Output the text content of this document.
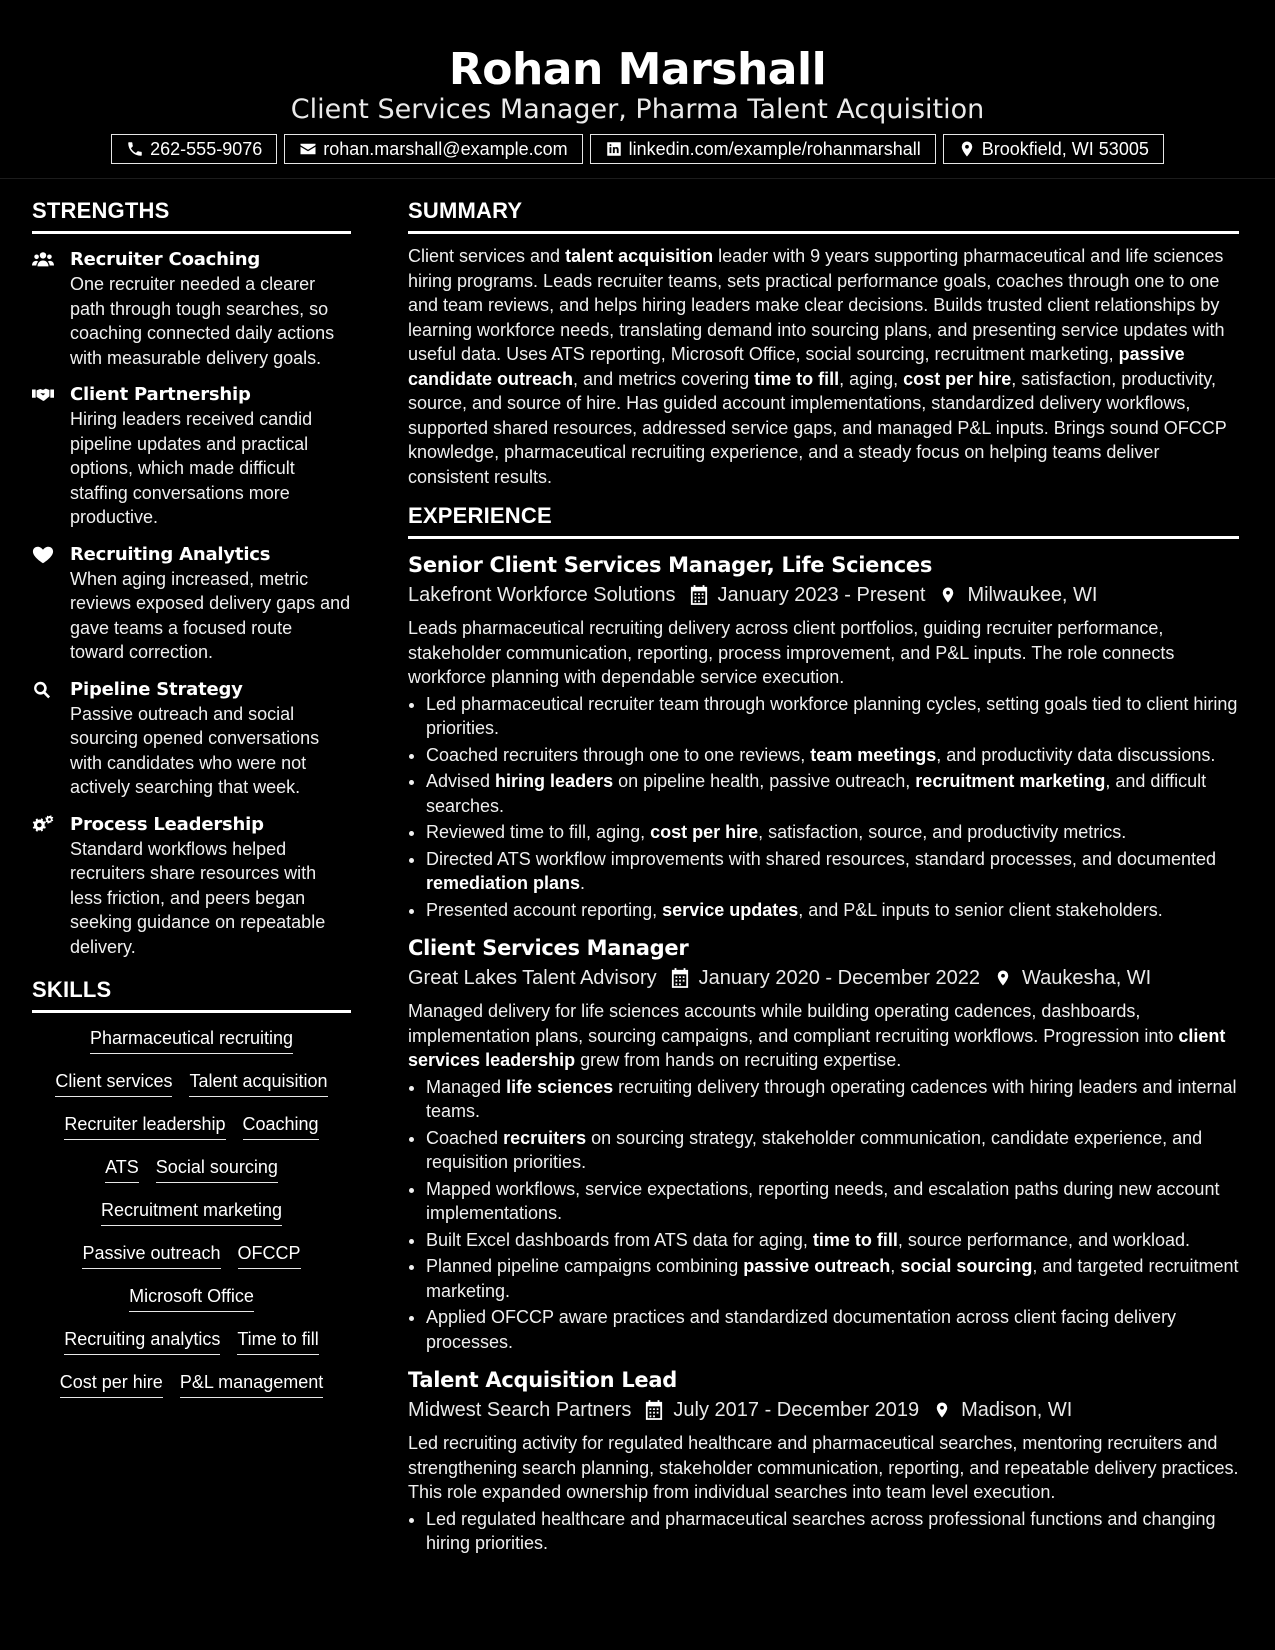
Rohan Marshall
Client Services Manager, Pharma Talent Acquisition
262-555-9076	rohan.marshall@example.com	linkedin.com/example/rohanmarshall	Brookfield, WI 53005
STRENGTHS
Recruiter Coaching
One recruiter needed a clearer path through tough searches, so coaching connected daily actions with measurable delivery goals.
Client Partnership
Hiring leaders received candid pipeline updates and practical options, which made difficult staffing conversations more productive.
Recruiting Analytics
When aging increased, metric reviews exposed delivery gaps and gave teams a focused route toward correction.
Pipeline Strategy
Passive outreach and social sourcing opened conversations with candidates who were not actively searching that week.
Process Leadership
Standard workflows helped recruiters share resources with less friction, and peers began seeking guidance on repeatable delivery.
SKILLS
Pharmaceutical recruiting
Client services Talent acquisition
Recruiter leadership Coaching
ATS Social sourcing
Recruitment marketing
Passive outreach OFCCP
Microsoft Office
Recruiting analytics Time to fill
Cost per hire P&L management
SUMMARY

Client services and talent acquisition leader with 9 years supporting pharmaceutical and life sciences hiring programs. Leads recruiter teams, sets practical performance goals, coaches through one to one and team reviews, and helps hiring leaders make clear decisions. Builds trusted client relationships by learning workforce needs, translating demand into sourcing plans, and presenting service updates with useful data. Uses ATS reporting, Microsoft Office, social sourcing, recruitment marketing, passive candidate outreach, and metrics covering time to fill, aging, cost per hire, satisfaction, productivity, source, and source of hire. Has guided account implementations, standardized delivery workflows, supported shared resources, addressed service gaps, and managed P&L inputs. Brings sound OFCCP knowledge, pharmaceutical recruiting experience, and a steady focus on helping teams deliver consistent results.

EXPERIENCE
Senior Client Services Manager, Life Sciences
Lakefront Workforce Solutions January 2023 - Present Milwaukee, WI
Leads pharmaceutical recruiting delivery across client portfolios, guiding recruiter performance, stakeholder communication, reporting, process improvement, and P&L inputs. The role connects workforce planning with dependable service execution.
• Led pharmaceutical recruiter team through workforce planning cycles, setting goals tied to client hiring priorities.
• Coached recruiters through one to one reviews, team meetings, and productivity data discussions.
• Advised hiring leaders on pipeline health, passive outreach, recruitment marketing, and difficult searches.
• Reviewed time to fill, aging, cost per hire, satisfaction, source, and productivity metrics.
• Directed ATS workflow improvements with shared resources, standard processes, and documented remediation plans.
• Presented account reporting, service updates, and P&L inputs to senior client stakeholders.
Client Services Manager
Great Lakes Talent Advisory January 2020 - December 2022 Waukesha, WI
Managed delivery for life sciences accounts while building operating cadences, dashboards, implementation plans, sourcing campaigns, and compliant recruiting workflows. Progression into client services leadership grew from hands on recruiting expertise.
• Managed life sciences recruiting delivery through operating cadences with hiring leaders and internal teams.
• Coached recruiters on sourcing strategy, stakeholder communication, candidate experience, and requisition priorities.
• Mapped workflows, service expectations, reporting needs, and escalation paths during new account implementations.
• Built Excel dashboards from ATS data for aging, time to fill, source performance, and workload.
• Planned pipeline campaigns combining passive outreach, social sourcing, and targeted recruitment marketing.
• Applied OFCCP aware practices and standardized documentation across client facing delivery processes.
Talent Acquisition Lead
Midwest Search Partners July 2017 - December 2019 Madison, WI
Led recruiting activity for regulated healthcare and pharmaceutical searches, mentoring recruiters and strengthening search planning, stakeholder communication, reporting, and repeatable delivery practices. This role expanded ownership from individual searches into team level execution.
• Led regulated healthcare and pharmaceutical searches across professional functions and changing hiring priorities.
